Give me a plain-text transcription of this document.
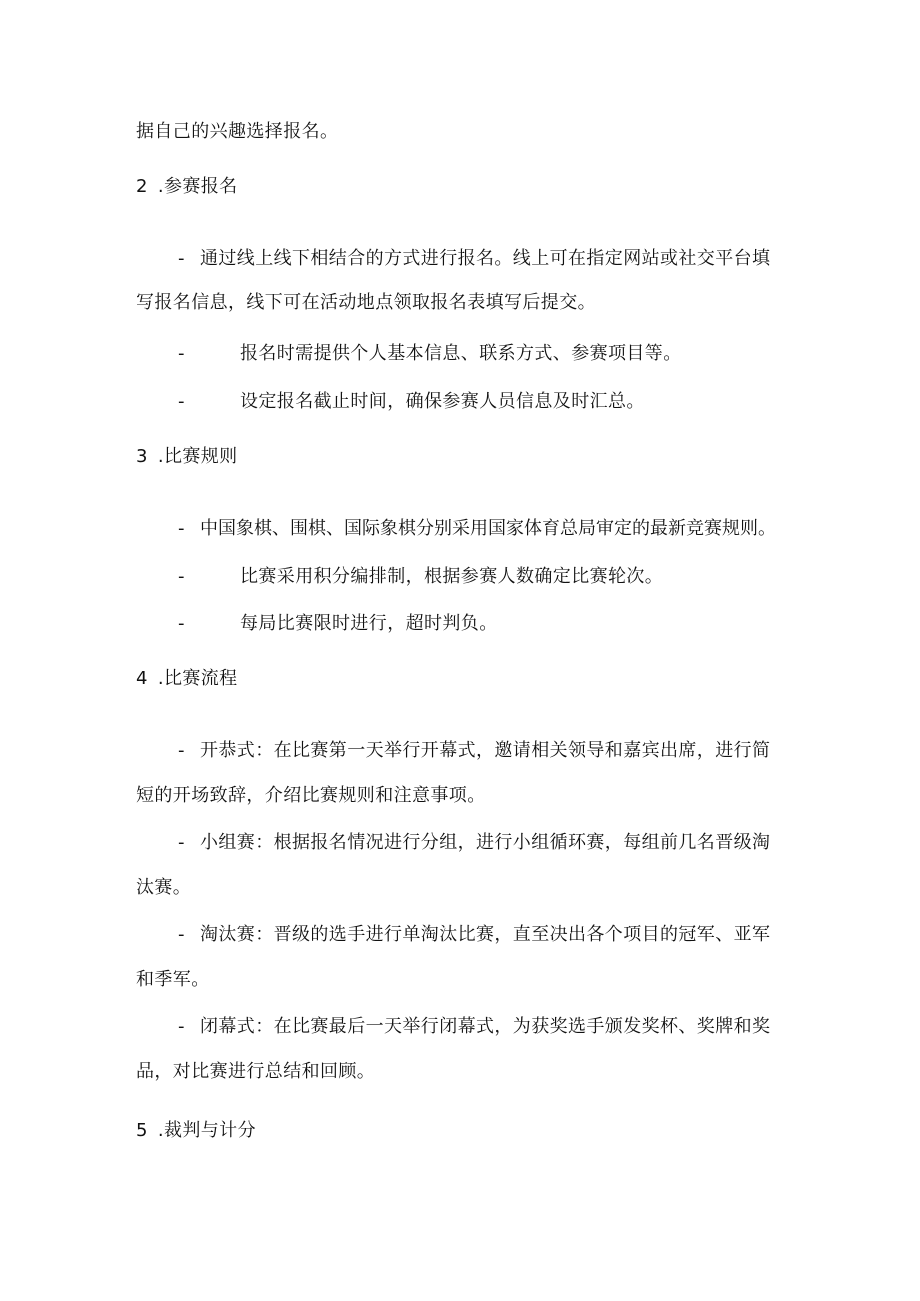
据自己的兴趣选择报名。
2 .参赛报名
- 通过线上线下相结合的方式进行报名。线上可在指定网站或社交平台填
写报名信息，线下可在活动地点领取报名表填写后提交。
-	报名时需提供个人基本信息、联系方式、参赛项目等。
-	设定报名截止时间，确保参赛人员信息及时汇总。
3 .比赛规则
- 中国象棋、围棋、国际象棋分别采用国家体育总局审定的最新竞赛规则。
-	比赛采用积分编排制，根据参赛人数确定比赛轮次。
-	每局比赛限时进行，超时判负。
4 .比赛流程
- 开恭式：在比赛第一天举行开幕式，邀请相关领导和嘉宾出席，进行简
短的开场致辞，介绍比赛规则和注意事项。
- 小组赛：根据报名情况进行分组，进行小组循环赛，每组前几名晋级淘
汰赛。
- 淘汰赛：晋级的选手进行单淘汰比赛，直至决出各个项目的冠军、亚军
和季军。
- 闭幕式：在比赛最后一天举行闭幕式，为获奖选手颁发奖杯、奖牌和奖
品，对比赛进行总结和回顾。
5 .裁判与计分
